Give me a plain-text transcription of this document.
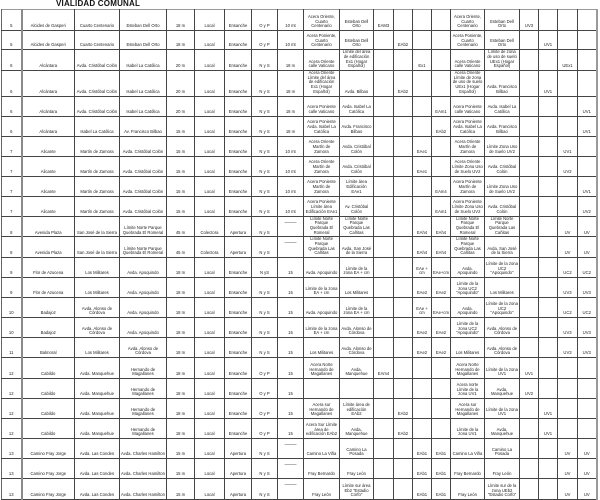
VIALIDAD COMUNAL
5	Alcides de Gasperi	Cuarto Centenario	Esteban Dell Orto	18 m	Local	Ensanche	O y P	10 mt	Acera Oriente, Cuarto Centenario	Esteban Dell Orto	EAM3				Acera Oriente, Cuarto Centenario	Esteban Dell Orto	UV3			
5	Alcides de Gasperi	Cuarto Centenario	Esteban Dell Orto	18 m	Local	Ensanche	O y P	10 mt	Acera Poniente, Cuarto Centenario	Esteban Dell Orto		EAb2			Acera Poniente, Cuarto Centenario	Esteban Dell Orto		UV1		
6	Alcántara	Avda. Cristóbal Colón	Isabel La Católica	20 m	Local	Ensanche	N y S	18 m	Acera Oriente calle Vaticano	Límite del área de edificación Ex1 (Hogar Español)			Ex1		Acera Oriente calle Vaticano	Límite de zona de uso de suelo UEx1 (Hogar Español)			UEx1	
6	Alcántara	Avda. Cristóbal Colón	Isabel La Católica	20 m	Local	Ensanche	N y S	18 m	Acera Oriente Límite del área de edificación Ex1 (Hogar Español)	Avda. Bilbao		EAb2			Acera Oriente Límite de zona de uso de suelo UEx1 (Hogar Español)	Avda. Francisco Bilbao		UV1		
6	Alcántara	Avda. Cristóbal Colón	Isabel La Católica	20 m	Local	Ensanche	N y S	18 m	Acera Poniente calle Vaticano	Avda. Isabel La Católica				EAm1	Acera Poniente calle Vaticano	Avda. Isabel La Católica				UV1
6	Alcántara	Isabel La Católica	Av. Francisco Bilbao	15 m	Local	Ensanche	N y S	18 m	Acera Poniente Avda. Isabel La Católica	Avda. Francisco Bilbao				EAb2	Acera Poniente Avda. Isabel La Católica	Avda. Francisco Bilbao				UV1
7	Alicante	Martín de Zamora	Avda. Cristóbal Colón	15 m	Local	Ensanche	N y S	10 mt	Acera Oriente Martín de Zamora	Avda. Cristóbal Colón			EAe1		Acera Oriente Martín de Zamora	Límite Zona Uso de Suelo UV2			UV1	
7	Alicante	Martín de Zamora	Avda. Cristóbal Colón	15 m	Local	Ensanche	N y S	10 mt	Acera Oriente Martín de Zamora	Avda. Cristóbal Colón			EAe1		Acera Oriente Límite Zona Uso de Suelo UV2	Avda. Cristóbal Colón			UV2	
7	Alicante	Martín de Zamora	Avda. Cristóbal Colón	15 m	Local	Ensanche	N y S	10 mt	Acera Poniente Martín de Zamora	Límite área Edificación EAe1				EAm4	Acera Poniente Martín de Zamora	Límite Zona Uso de Suelo UV2				UV1
7	Alicante	Martín de Zamora	Avda. Cristóbal Colón	15 m	Local	Ensanche	N y S	10 mt	Acera Poniente Límite área Edificación EAe1	Av. Cristóbal Colón				EAm1	Acera Poniente Límite Zona Uso de Suelo UV2	Avda. Cristóbal Colón				UV2
8	Avenida Plaza	San José de la Sierra	Límite Norte Parque Quebrada El Romeral	45 m	Colectora	Apertura	N y S	——	Límite Norte Parque Quebrada El Romeral	Límite Norte Parque Quebrada Las Cañitas			EAh4	EAh4	Límite Norte Parque Quebrada El Romeral	Límite Norte Parque Quebrada Las Cañitas			UV	UV
8	Avenida Plaza	San José de la Sierra	Límite Norte Parque Quebrada El Romeral	45 m	Colectora	Apertura	N y S	——	Límite Norte Parque Quebrada Las Cañitas	Avda. San José de la Sierra			EAh4	EAh4	Límite Norte Parque Quebrada Las Cañitas	Avda. San José de la Sierra			UV	UV
9	Flor de Azucena	Los Militares	Avda. Apoquindo	18 m	Local	Ensanche	N yS	15	Avda. Apoquindo	Límite de la zona EA + cm			EAe + cm	EAe+cm	Avda. Apoquindo	Límite de la zona UC2 "Apoquindo"			UC2	UC2
9	Flor de Azucena	Los Militares	Avda. Apoquindo	18 m	Local	Ensanche	N y S	15	Límite de la zona EA + cm	Los Militares			EAe2	EAe2	Límite de la zona UC2 "Apoquindo"	Los Militares			UV3	UV3
10	Badajoz	Avda. Alonso de Córdova	Avda. Apoquindo	18 m	Local	Ensanche	N y S	15	Avda. Apoquindo	Límite de la zona EA + cm			EAe + cm	EAe+cm	Avda. Apoquindo	Límite de la zona UC2 "Apoquindo"			UC2	UC2
10	Badajoz	Avda. Alonso de Córdova	Avda. Apoquindo	18 m	Local	Ensanche	N y S	15	Límite de la zona EA + cm	Avda. Alonso de Córdova			EAe2	EAe2	Límite de la zona UC2 "Apoquindo"	Avda. Alonso de Córdova			UV3	UV3
11	Balmoral	Los Militares	Avda. Alonso de Córdova	18 m	Local	Ensanche	N y S	15	Los Militares	Avda. Alonso de Córdova			EAe2	EAe2	Los Militares	Avda. Alonso de Córdova			UV3	UV3
12	Cabildo	Avda. Manquehue	Hernando de Magallanes	18 m	Local	Ensanche	O y P	15	Acera Norte Hernando de Magallanes	Avda. Manquehue	EAm4				Acera Norte Hernando de Magallanes	Límite de la zona UV1	UV1			
12	Cabildo	Avda. Manquehue	Hernando de Magallanes	18 m	Local	Ensanche	O y P	15							Acera norte Límite de la zona UV1	Avda. Manquehue	UV2			
12	Cabildo	Avda. Manquehue	Hernando de Magallanes	18 m	Local	Ensanche	O y P	15	Acera sur Hernando de Magallanes	Límite área de edificación EAb2		EAb2			Acera sur Hernando de Magallanes	Límite de la zona UV1		UV1		
12	Cabildo	Avda. Manquehue	Hernando de Magallanes	18 m	Local	Ensanche	O y P	15	Acera Sur Límite área de edificación EAb2	Avda. Manquehue		EAb2			Límite de la zona UV1	Avda. Manquehue		UV1		
13	Camino Fray Jorge	Avda. Las Condes	Avda. Charles Hamilton	15 m	Local	Apertura	N y S	——	Camino La Viña	Camino La Posada			EAb1	EAb1	Camino La Viña	Camino La Posada			UV	UV
13	Camino Fray Jorge	Avda. Las Condes	Avda. Charles Hamilton	15 m	Local	Apertura	N y S	——	Fray Bernardo	Fray León			EAb1	EAb1	Fray Bernardo	Fray León			UV	UV
13	Camino Fray Jorge	Avda. Las Condes	Avda. Charles Hamilton	15 m	Local	Apertura	N y S	——	Fray León	Límite sur área Eb2 "Estadio Corfo"			EAb1	EAb1	Fray León	Límite sur de la zona UEb2 "Estadio Corfo"			UV	UV
